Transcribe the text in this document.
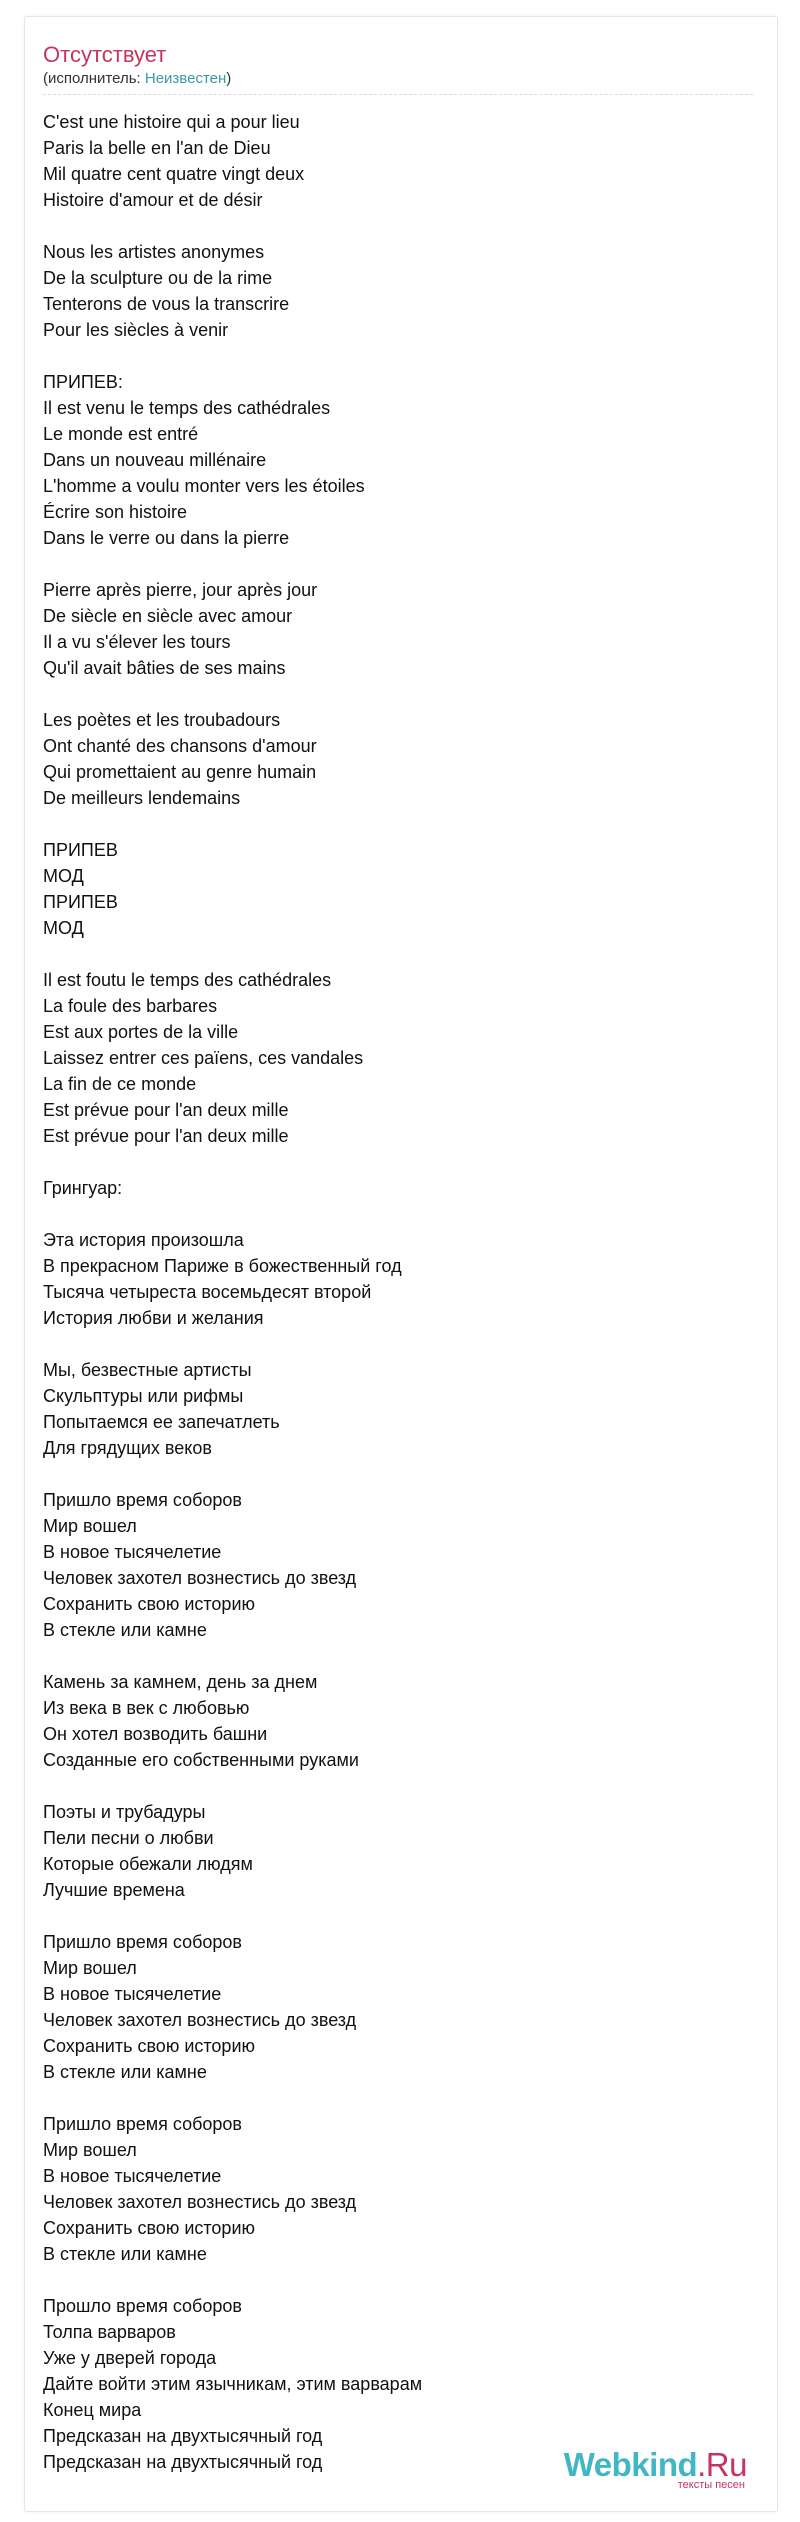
Отсутствует
(исполнитель: Неизвестен)
C'est une histoire qui a pour lieu
Paris la belle en l'an de Dieu
Mil quatre cent quatre vingt deux
Histoire d'amour et de désir
Nous les artistes anonymes
De la sculpture ou de la rime
Tenterons de vous la transcrire
Pour les siècles à venir
ПРИПЕВ:
Il est venu le temps des cathédrales
Le monde est entré
Dans un nouveau millénaire
L'homme a voulu monter vers les étoiles
Écrire son histoire
Dans le verre ou dans la pierre
Pierre après pierre, jour après jour
De siècle en siècle avec amour
Il a vu s'élever les tours
Qu'il avait bâties de ses mains
Les poètes et les troubadours
Ont chanté des chansons d'amour
Qui promettaient au genre humain
De meilleurs lendemains
ПРИПЕВ
МОД
ПРИПЕВ
МОД
Il est foutu le temps des cathédrales
La foule des barbares
Est aux portes de la ville
Laissez entrer ces païens, ces vandales
La fin de ce monde
Est prévue pour l'an deux mille
Est prévue pour l'an deux mille
Грингуар:
Эта история произошла
В прекрасном Париже в божественный год
Тысяча четыреста восемьдесят второй
История любви и желания
Мы, безвестные артисты
Скульптуры или рифмы
Попытаемся ее запечатлеть
Для грядущих веков
Пришло время соборов
Мир вошел
В новое тысячелетие
Человек захотел вознестись до звезд
Сохранить свою историю
В стекле или камне
Камень за камнем, день за днем
Из века в век с любовью
Он хотел возводить башни
Созданные его собственными руками
Поэты и трубадуры
Пели песни о любви
Которые обежали людям
Лучшие времена
Пришло время соборов
Мир вошел
В новое тысячелетие
Человек захотел вознестись до звезд
Сохранить свою историю
В стекле или камне
Пришло время соборов
Мир вошел
В новое тысячелетие
Человек захотел вознестись до звезд
Сохранить свою историю
В стекле или камне
Прошло время соборов
Толпа варваров
Уже у дверей города
Дайте войти этим язычникам, этим варварам
Конец мира
Предсказан на двухтысячный год
Предсказан на двухтысячный год	Webkind.Ru
тексты песен
